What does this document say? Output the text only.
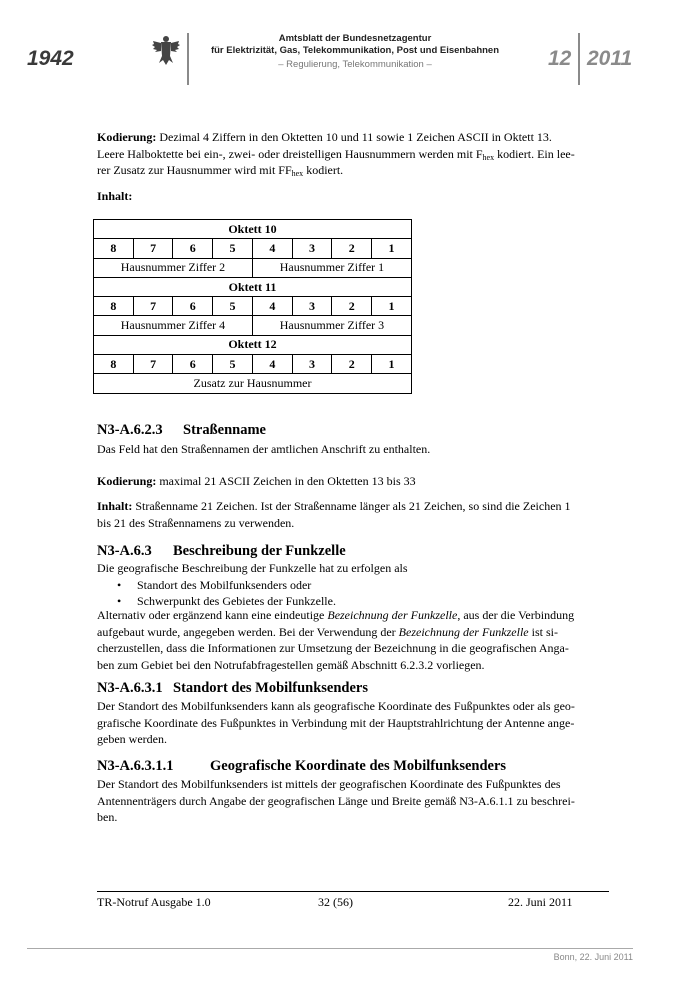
1942
Amtsblatt der Bundesnetzagentur
für Elektrizität, Gas, Telekommunikation, Post und Eisenbahnen
– Regulierung, Telekommunikation –	12 2011
Kodierung: Dezimal 4 Ziffern in den Oktetten 10 und 11 sowie 1 Zeichen ASCII in Oktett 13.
Leere Halboktette bei ein-, zwei- oder dreistelligen Hausnummern werden mit $F_{hex}$ kodiert. Ein lee-
rer Zusatz zur Hausnummer wird mit $FF_{hex}$ kodiert.
Inhalt:
Oktett 10							
8	7	6	5	4	3	2	1
Hausnummer Ziffer 2				Hausnummer Ziffer 1			
Oktett 11							
8	7	6	5	4	3	2	1
Hausnummer Ziffer 4				Hausnummer Ziffer 3			
Oktett 12							
8	7	6	5	4	3	2	1
Zusatz zur Hausnummer							
N3-A.6.2.3 Straßenname
Das Feld hat den Straßennamen der amtlichen Anschrift zu enthalten.
Kodierung: maximal 21 ASCII Zeichen in den Oktetten 13 bis 33
Inhalt: Straßenname 21 Zeichen. Ist der Straßenname länger als 21 Zeichen, so sind die Zeichen 1
bis 21 des Straßennamens zu verwenden.
N3-A.6.3 Beschreibung der Funkzelle
Die geografische Beschreibung der Funkzelle hat zu erfolgen als
• Standort des Mobilfunksenders oder
• Schwerpunkt des Gebietes der Funkzelle.
Alternativ oder ergänzend kann eine eindeutige Bezeichnung der Funkzelle, aus der die Verbindung
aufgebaut wurde, angegeben werden. Bei der Verwendung der Bezeichnung der Funkzelle ist si-
cherzustellen, dass die Informationen zur Umsetzung der Bezeichnung in die geografischen Anga-
ben zum Gebiet bei den Notrufabfragestellen gemäß Abschnitt 6.2.3.2 vorliegen.
N3-A.6.3.1 Standort des Mobilfunksenders
Der Standort des Mobilfunksenders kann als geografische Koordinate des Fußpunktes oder als geo-
grafische Koordinate des Fußpunktes in Verbindung mit der Hauptstrahlrichtung der Antenne ange-
geben werden.
N3-A.6.3.1.1	Geografische Koordinate des Mobilfunksenders
Der Standort des Mobilfunksenders ist mittels der geografischen Koordinate des Fußpunktes des
Antennenträgers durch Angabe der geografischen Länge und Breite gemäß N3-A.6.1.1 zu beschrei-
ben.
TR-Notruf Ausgabe 1.0	32 (56)	22. Juni 2011
Bonn, 22. Juni 2011
